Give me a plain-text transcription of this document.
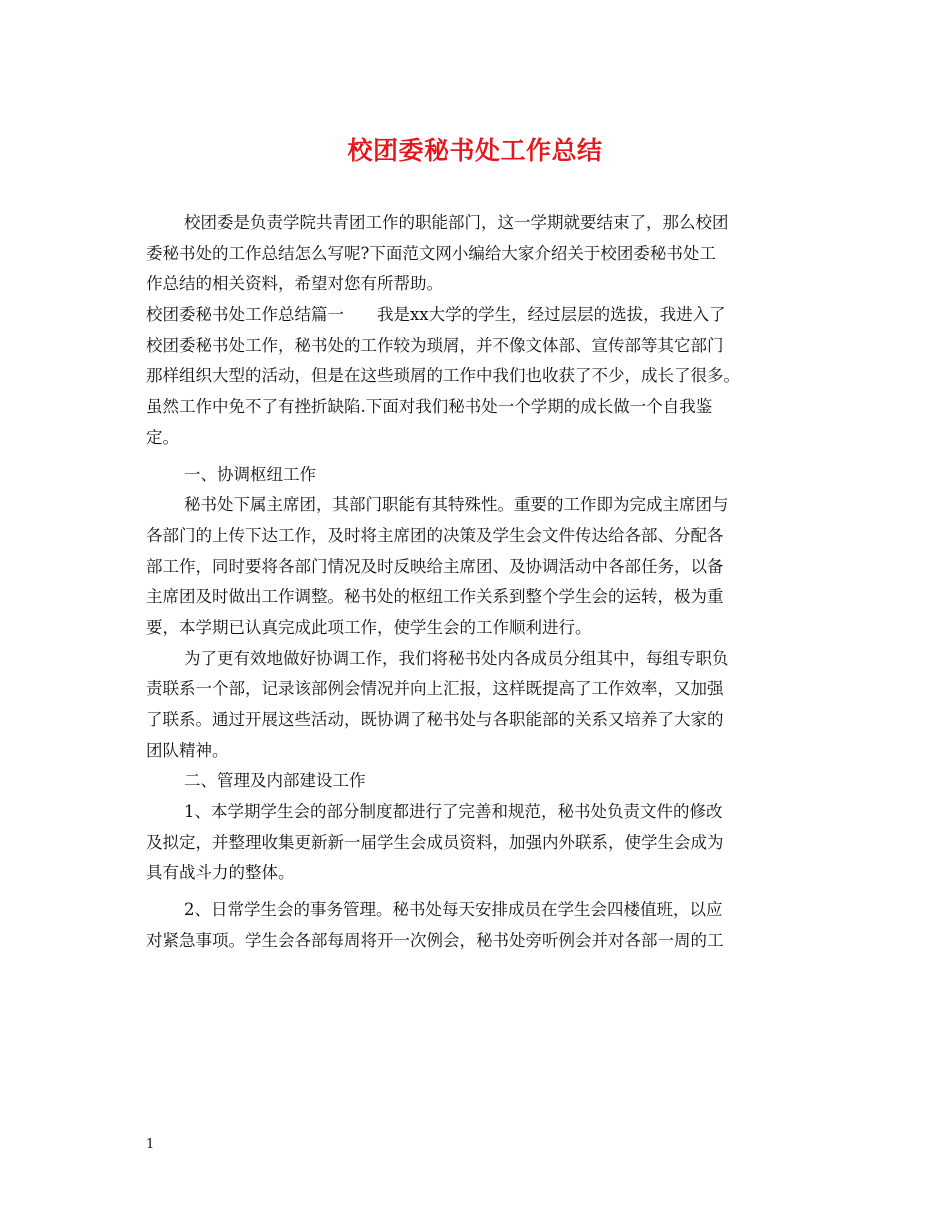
校团委秘书处工作总结
校团委是负责学院共青团工作的职能部门，这一学期就要结束了，那么校团
委秘书处的工作总结怎么写呢?下面范文网小编给大家介绍关于校团委秘书处工
作总结的相关资料，希望对您有所帮助。
校团委秘书处工作总结篇一　　我是xx大学的学生，经过层层的选拔，我进入了
校团委秘书处工作，秘书处的工作较为琐屑，并不像文体部、宣传部等其它部门
那样组织大型的活动，但是在这些琐屑的工作中我们也收获了不少，成长了很多。
虽然工作中免不了有挫折缺陷.下面对我们秘书处一个学期的成长做一个自我鉴
定。
一、协调枢纽工作
秘书处下属主席团，其部门职能有其特殊性。重要的工作即为完成主席团与
各部门的上传下达工作，及时将主席团的决策及学生会文件传达给各部、分配各
部工作，同时要将各部门情况及时反映给主席团、及协调活动中各部任务，以备
主席团及时做出工作调整。秘书处的枢纽工作关系到整个学生会的运转，极为重
要，本学期已认真完成此项工作，使学生会的工作顺利进行。
为了更有效地做好协调工作，我们将秘书处内各成员分组其中，每组专职负
责联系一个部，记录该部例会情况并向上汇报，这样既提高了工作效率，又加强
了联系。通过开展这些活动，既协调了秘书处与各职能部的关系又培养了大家的
团队精神。
二、管理及内部建设工作
1、本学期学生会的部分制度都进行了完善和规范，秘书处负责文件的修改
及拟定，并整理收集更新新一届学生会成员资料，加强内外联系，使学生会成为
具有战斗力的整体。
2、日常学生会的事务管理。秘书处每天安排成员在学生会四楼值班，以应
对紧急事项。学生会各部每周将开一次例会，秘书处旁听例会并对各部一周的工
1
